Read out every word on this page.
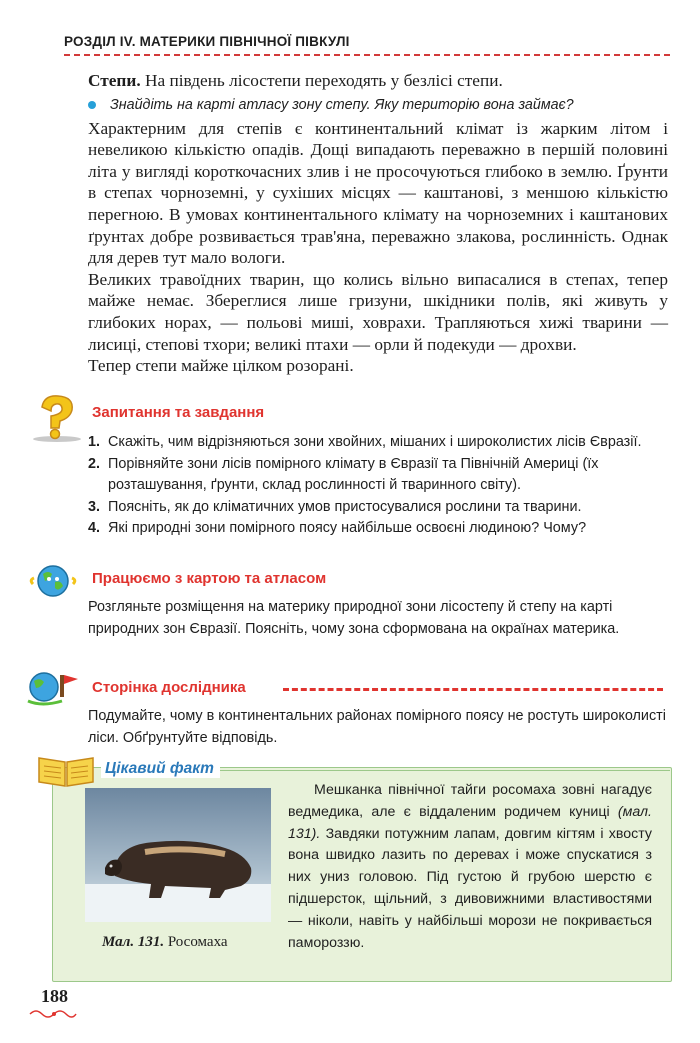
РОЗДІЛ IV. МАТЕРИКИ ПІВНІЧНОЇ ПІВКУЛІ

Степи. На південь лісостепи переходять у безлісі степи.

Знайдіть на карті атласу зону степу. Яку територію вона займає?

Характерним для степів є континентальний клімат із жарким літом і невеликою кількістю опадів. Дощі випадають переважно в першій половині літа у вигляді короткочасних злив і не просочуються глибоко в землю. Ґрунти в степах чорноземні, у сухіших місцях — каштанові, з меншою кількістю перегною. В умовах континентального клімату на чорноземних і каштанових ґрунтах добре розвивається трав'яна, переважно злакова, рослинність. Однак для дерев тут мало вологи.

Великих травоїдних тварин, що колись вільно випасалися в степах, тепер майже немає. Збереглися лише гризуни, шкідники полів, які живуть у глибоких норах, — польові миші, ховрахи. Трапляються хижі тварини — лисиці, степові тхори; великі птахи — орли й подекуди — дрохви.

Тепер степи майже цілком розорані.

Запитання та завдання
1. Скажіть, чим відрізняються зони хвойних, мішаних і широколистих лісів Євразії.
2. Порівняйте зони лісів помірного клімату в Євразії та Північній Америці (їх розташування, ґрунти, склад рослинності й тваринного світу).
3. Поясніть, як до кліматичних умов пристосувалися рослини та тварини.
4. Які природні зони помірного поясу найбільше освоєні людиною? Чому?
Працюємо з картою та атласом
Розгляньте розміщення на материку природної зони лісостепу й степу на карті природних зон Євразії. Поясніть, чому зона сформована на окраїнах материка.
Сторінка дослідника
Подумайте, чому в континентальних районах помірного поясу не ростуть широколисті ліси. Обґрунтуйте відповідь.
Цікавий факт
Мал. 131. Росомаха

Мешканка північної тайги росомаха зовні нагадує ведмедика, але є віддаленим родичем куниці (мал. 131). Завдяки потужним лапам, довгим кігтям і хвосту вона швидко лазить по деревах і може спускатися з них униз головою. Під густою й грубою шерстю є підшерсток, щільний, з дивовижними властивостями — ніколи, навіть у найбільші морози не покривається памороззю.

188
